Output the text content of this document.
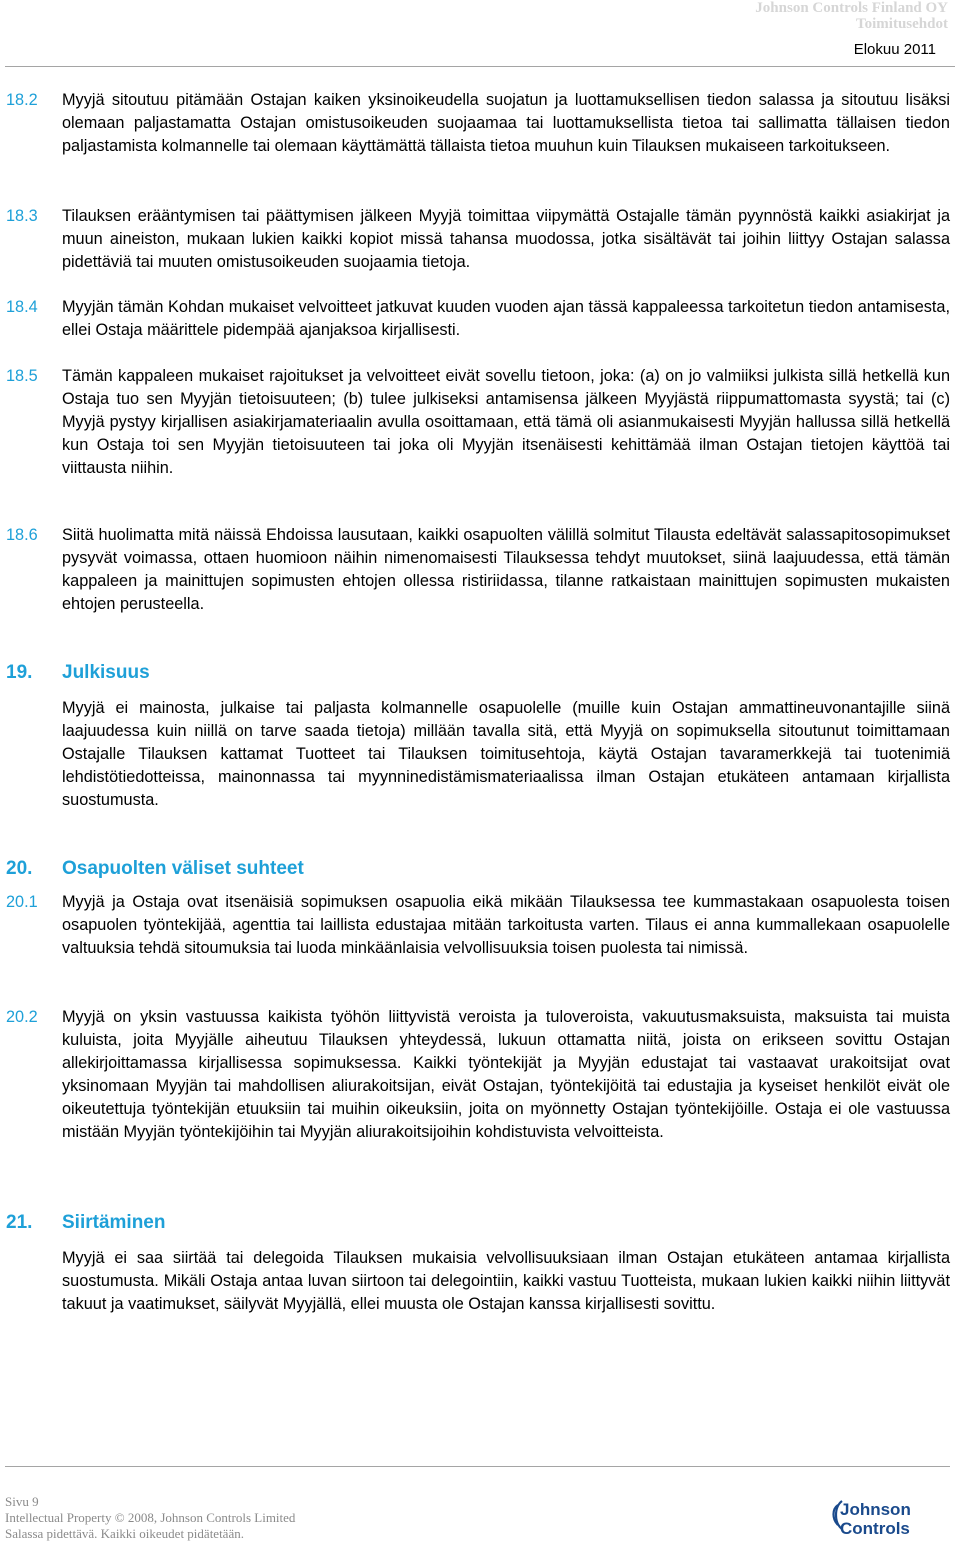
Johnson Controls Finland OY
Toimitusehdot
Elokuu 2011
18.2 Myyjä sitoutuu pitämään Ostajan kaiken yksinoikeudella suojatun ja luottamuksellisen tiedon salassa ja sitoutuu lisäksi olemaan paljastamatta Ostajan omistusoikeuden suojaamaa tai luottamuksellista tietoa tai sallimatta tällaisen tiedon paljastamista kolmannelle tai olemaan käyttämättä tällaista tietoa muuhun kuin Tilauksen mukaiseen tarkoitukseen.

18.3 Tilauksen erääntymisen tai päättymisen jälkeen Myyjä toimittaa viipymättä Ostajalle tämän pyynnöstä kaikki asiakirjat ja muun aineiston, mukaan lukien kaikki kopiot missä tahansa muodossa, jotka sisältävät tai joihin liittyy Ostajan salassa pidettäviä tai muuten omistusoikeuden suojaamia tietoja.

18.4 Myyjän tämän Kohdan mukaiset velvoitteet jatkuvat kuuden vuoden ajan tässä kappaleessa tarkoitetun tiedon antamisesta, ellei Ostaja määrittele pidempää ajanjaksoa kirjallisesti.

18.5 Tämän kappaleen mukaiset rajoitukset ja velvoitteet eivät sovellu tietoon, joka: (a) on jo valmiiksi julkista sillä hetkellä kun Ostaja tuo sen Myyjän tietoisuuteen; (b) tulee julkiseksi antamisensa jälkeen Myyjästä riippumattomasta syystä; tai (c) Myyjä pystyy kirjallisen asiakirjamateriaalin avulla osoittamaan, että tämä oli asianmukaisesti Myyjän hallussa sillä hetkellä kun Ostaja toi sen Myyjän tietoisuuteen tai joka oli Myyjän itsenäisesti kehittämää ilman Ostajan tietojen käyttöä tai viittausta niihin.

18.6 Siitä huolimatta mitä näissä Ehdoissa lausutaan, kaikki osapuolten välillä solmitut Tilausta edeltävät salassapitosopimukset pysyvät voimassa, ottaen huomioon näihin nimenomaisesti Tilauksessa tehdyt muutokset, siinä laajuudessa, että tämän kappaleen ja mainittujen sopimusten ehtojen ollessa ristiriidassa, tilanne ratkaistaan mainittujen sopimusten mukaisten ehtojen perusteella.

19. Julkisuus

Myyjä ei mainosta, julkaise tai paljasta kolmannelle osapuolelle (muille kuin Ostajan ammattineuvonantajille siinä laajuudessa kuin niillä on tarve saada tietoja) millään tavalla sitä, että Myyjä on sopimuksella sitoutunut toimittamaan Ostajalle Tilauksen kattamat Tuotteet tai Tilauksen toimitusehtoja, käytä Ostajan tavaramerkkejä tai tuotenimiä lehdistötiedotteissa, mainonnassa tai myynninedistämismateriaalissa ilman Ostajan etukäteen antamaan kirjallista suostumusta.

20. Osapuolten väliset suhteet
20.1 Myyjä ja Ostaja ovat itsenäisiä sopimuksen osapuolia eikä mikään Tilauksessa tee kummastakaan osapuolesta toisen osapuolen työntekijää, agenttia tai laillista edustajaa mitään tarkoitusta varten. Tilaus ei anna kummallekaan osapuolelle valtuuksia tehdä sitoumuksia tai luoda minkäänlaisia velvollisuuksia toisen puolesta tai nimissä.

20.2 Myyjä on yksin vastuussa kaikista työhön liittyvistä veroista ja tuloveroista, vakuutusmaksuista, maksuista tai muista kuluista, joita Myyjälle aiheutuu Tilauksen yhteydessä, lukuun ottamatta niitä, joista on erikseen sovittu Ostajan allekirjoittamassa kirjallisessa sopimuksessa. Kaikki työntekijät ja Myyjän edustajat tai vastaavat urakoitsijat ovat yksinomaan Myyjän tai mahdollisen aliurakoitsijan, eivät Ostajan, työntekijöitä tai edustajia ja kyseiset henkilöt eivät ole oikeutettuja työntekijän etuuksiin tai muihin oikeuksiin, joita on myönnetty Ostajan työntekijöille. Ostaja ei ole vastuussa mistään Myyjän työntekijöihin tai Myyjän aliurakoitsijoihin kohdistuvista velvoitteista.

21. Siirtäminen

Myyjä ei saa siirtää tai delegoida Tilauksen mukaisia velvollisuuksiaan ilman Ostajan etukäteen antamaa kirjallista suostumusta. Mikäli Ostaja antaa luvan siirtoon tai delegointiin, kaikki vastuu Tuotteista, mukaan lukien kaikki niihin liittyvät takuut ja vaatimukset, säilyvät Myyjällä, ellei muusta ole Ostajan kanssa kirjallisesti sovittu.

Sivu 9
Intellectual Property © 2008, Johnson Controls Limited
Salassa pidettävä. Kaikki oikeudet pidätetään.
Johnson
Controls
